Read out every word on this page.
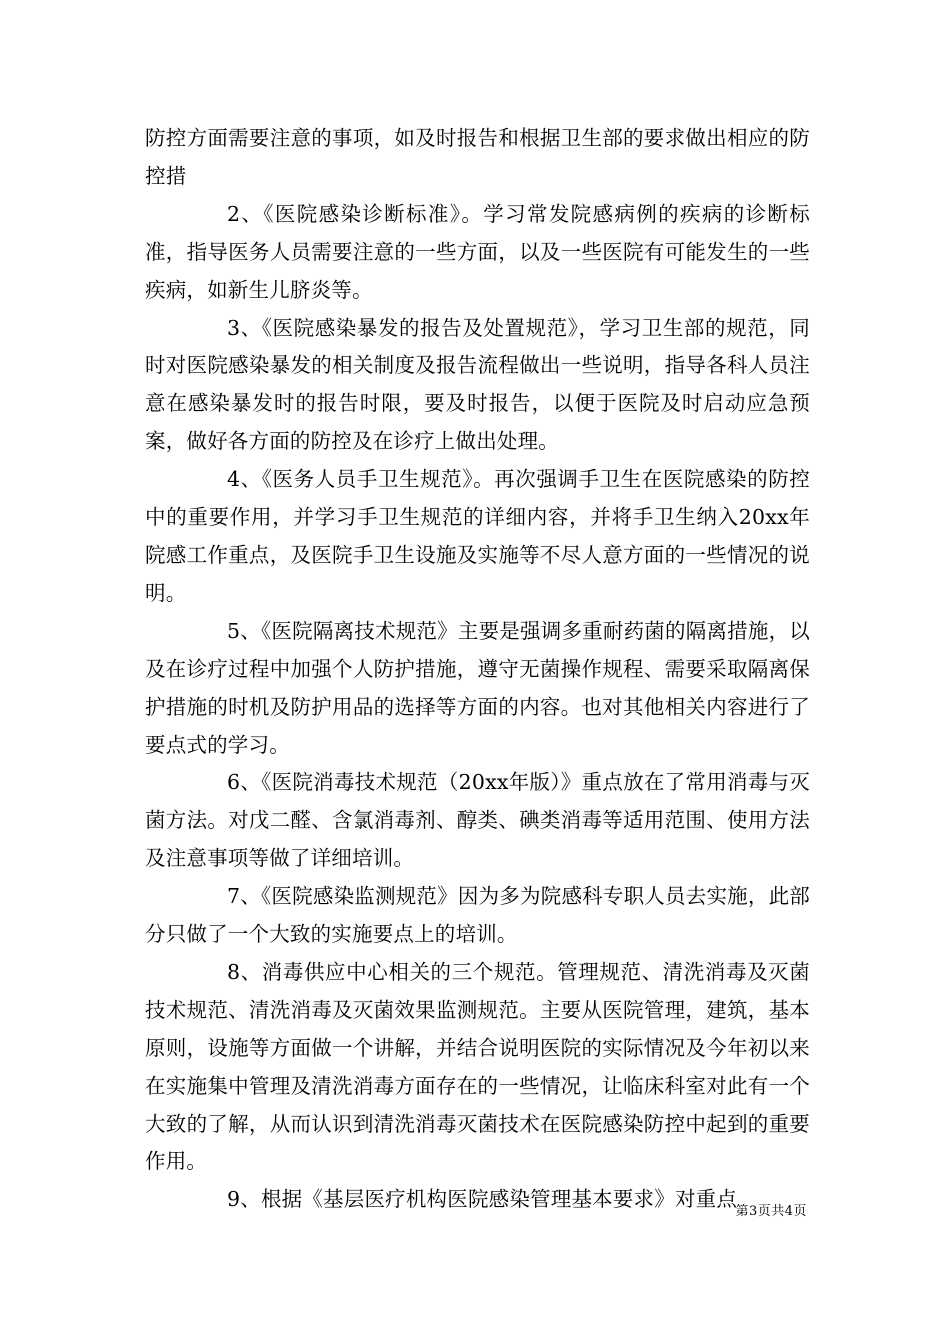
防控方面需要注意的事项，如及时报告和根据卫生部的要求做出相应的防控措

2、《医院感染诊断标准》。学习常发院感病例的疾病的诊断标准，指导医务人员需要注意的一些方面，以及一些医院有可能发生的一些疾病，如新生儿脐炎等。

3、《医院感染暴发的报告及处置规范》，学习卫生部的规范，同时对医院感染暴发的相关制度及报告流程做出一些说明，指导各科人员注意在感染暴发时的报告时限，要及时报告，以便于医院及时启动应急预案，做好各方面的防控及在诊疗上做出处理。

4、《医务人员手卫生规范》。再次强调手卫生在医院感染的防控中的重要作用，并学习手卫生规范的详细内容，并将手卫生纳入20xx年院感工作重点，及医院手卫生设施及实施等不尽人意方面的一些情况的说明。

5、《医院隔离技术规范》主要是强调多重耐药菌的隔离措施，以及在诊疗过程中加强个人防护措施，遵守无菌操作规程、需要采取隔离保护措施的时机及防护用品的选择等方面的内容。也对其他相关内容进行了要点式的学习。

6、《医院消毒技术规范（20xx年版）》重点放在了常用消毒与灭菌方法。对戊二醛、含氯消毒剂、醇类、碘类消毒等适用范围、使用方法及注意事项等做了详细培训。

7、《医院感染监测规范》因为多为院感科专职人员去实施，此部分只做了一个大致的实施要点上的培训。

8、消毒供应中心相关的三个规范。管理规范、清洗消毒及灭菌技术规范、清洗消毒及灭菌效果监测规范。主要从医院管理，建筑，基本原则，设施等方面做一个讲解，并结合说明医院的实际情况及今年初以来在实施集中管理及清洗消毒方面存在的一些情况，让临床科室对此有一个大致的了解，从而认识到清洗消毒灭菌技术在医院感染防控中起到的重要作用。

9、根据《基层医疗机构医院感染管理基本要求》对重点

第3页共4页
